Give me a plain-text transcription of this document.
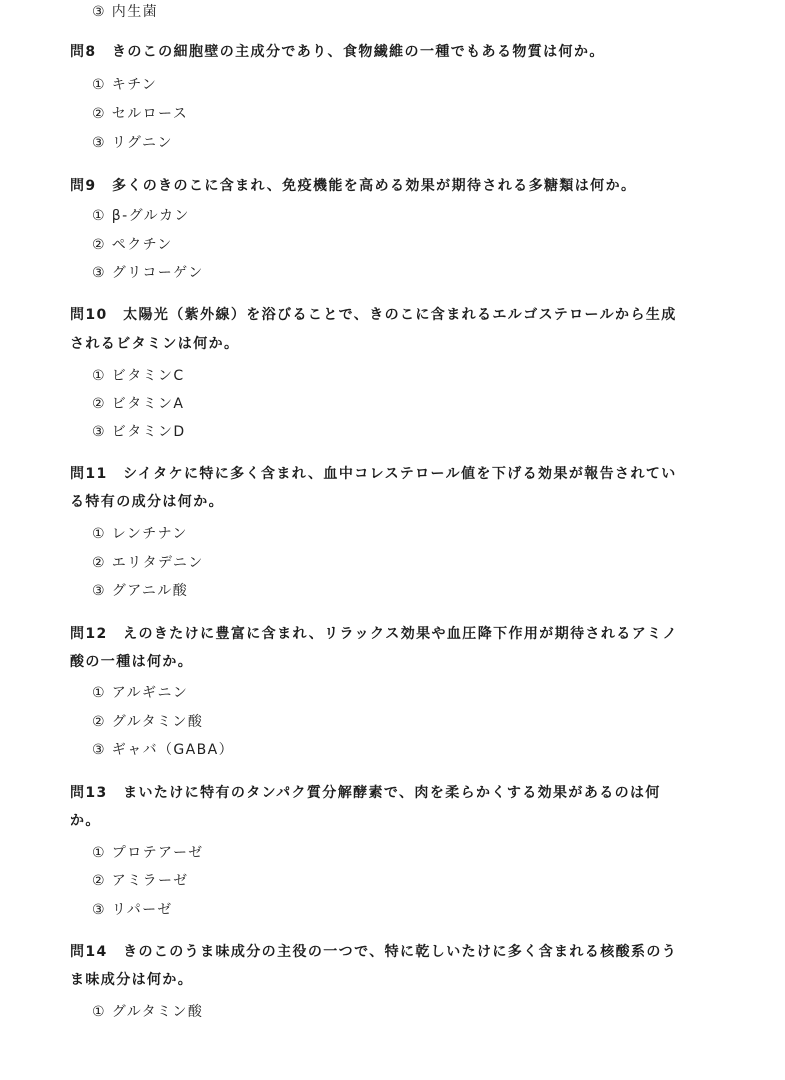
③ 内生菌
問8　きのこの細胞壁の主成分であり、食物繊維の一種でもある物質は何か。
① キチン
② セルロース
③ リグニン
問9　多くのきのこに含まれ、免疫機能を高める効果が期待される多糖類は何か。
① β-グルカン
② ペクチン
③ グリコーゲン
問10　太陽光（紫外線）を浴びることで、きのこに含まれるエルゴステロールから生成
されるビタミンは何か。
① ビタミンC
② ビタミンA
③ ビタミンD
問11　シイタケに特に多く含まれ、血中コレステロール値を下げる効果が報告されてい
る特有の成分は何か。
① レンチナン
② エリタデニン
③ グアニル酸
問12　えのきたけに豊富に含まれ、リラックス効果や血圧降下作用が期待されるアミノ
酸の一種は何か。
① アルギニン
② グルタミン酸
③ ギャバ（GABA）
問13　まいたけに特有のタンパク質分解酵素で、肉を柔らかくする効果があるのは何
か。
① プロテアーゼ
② アミラーゼ
③ リパーゼ
問14　きのこのうま味成分の主役の一つで、特に乾しいたけに多く含まれる核酸系のう
ま味成分は何か。
① グルタミン酸
